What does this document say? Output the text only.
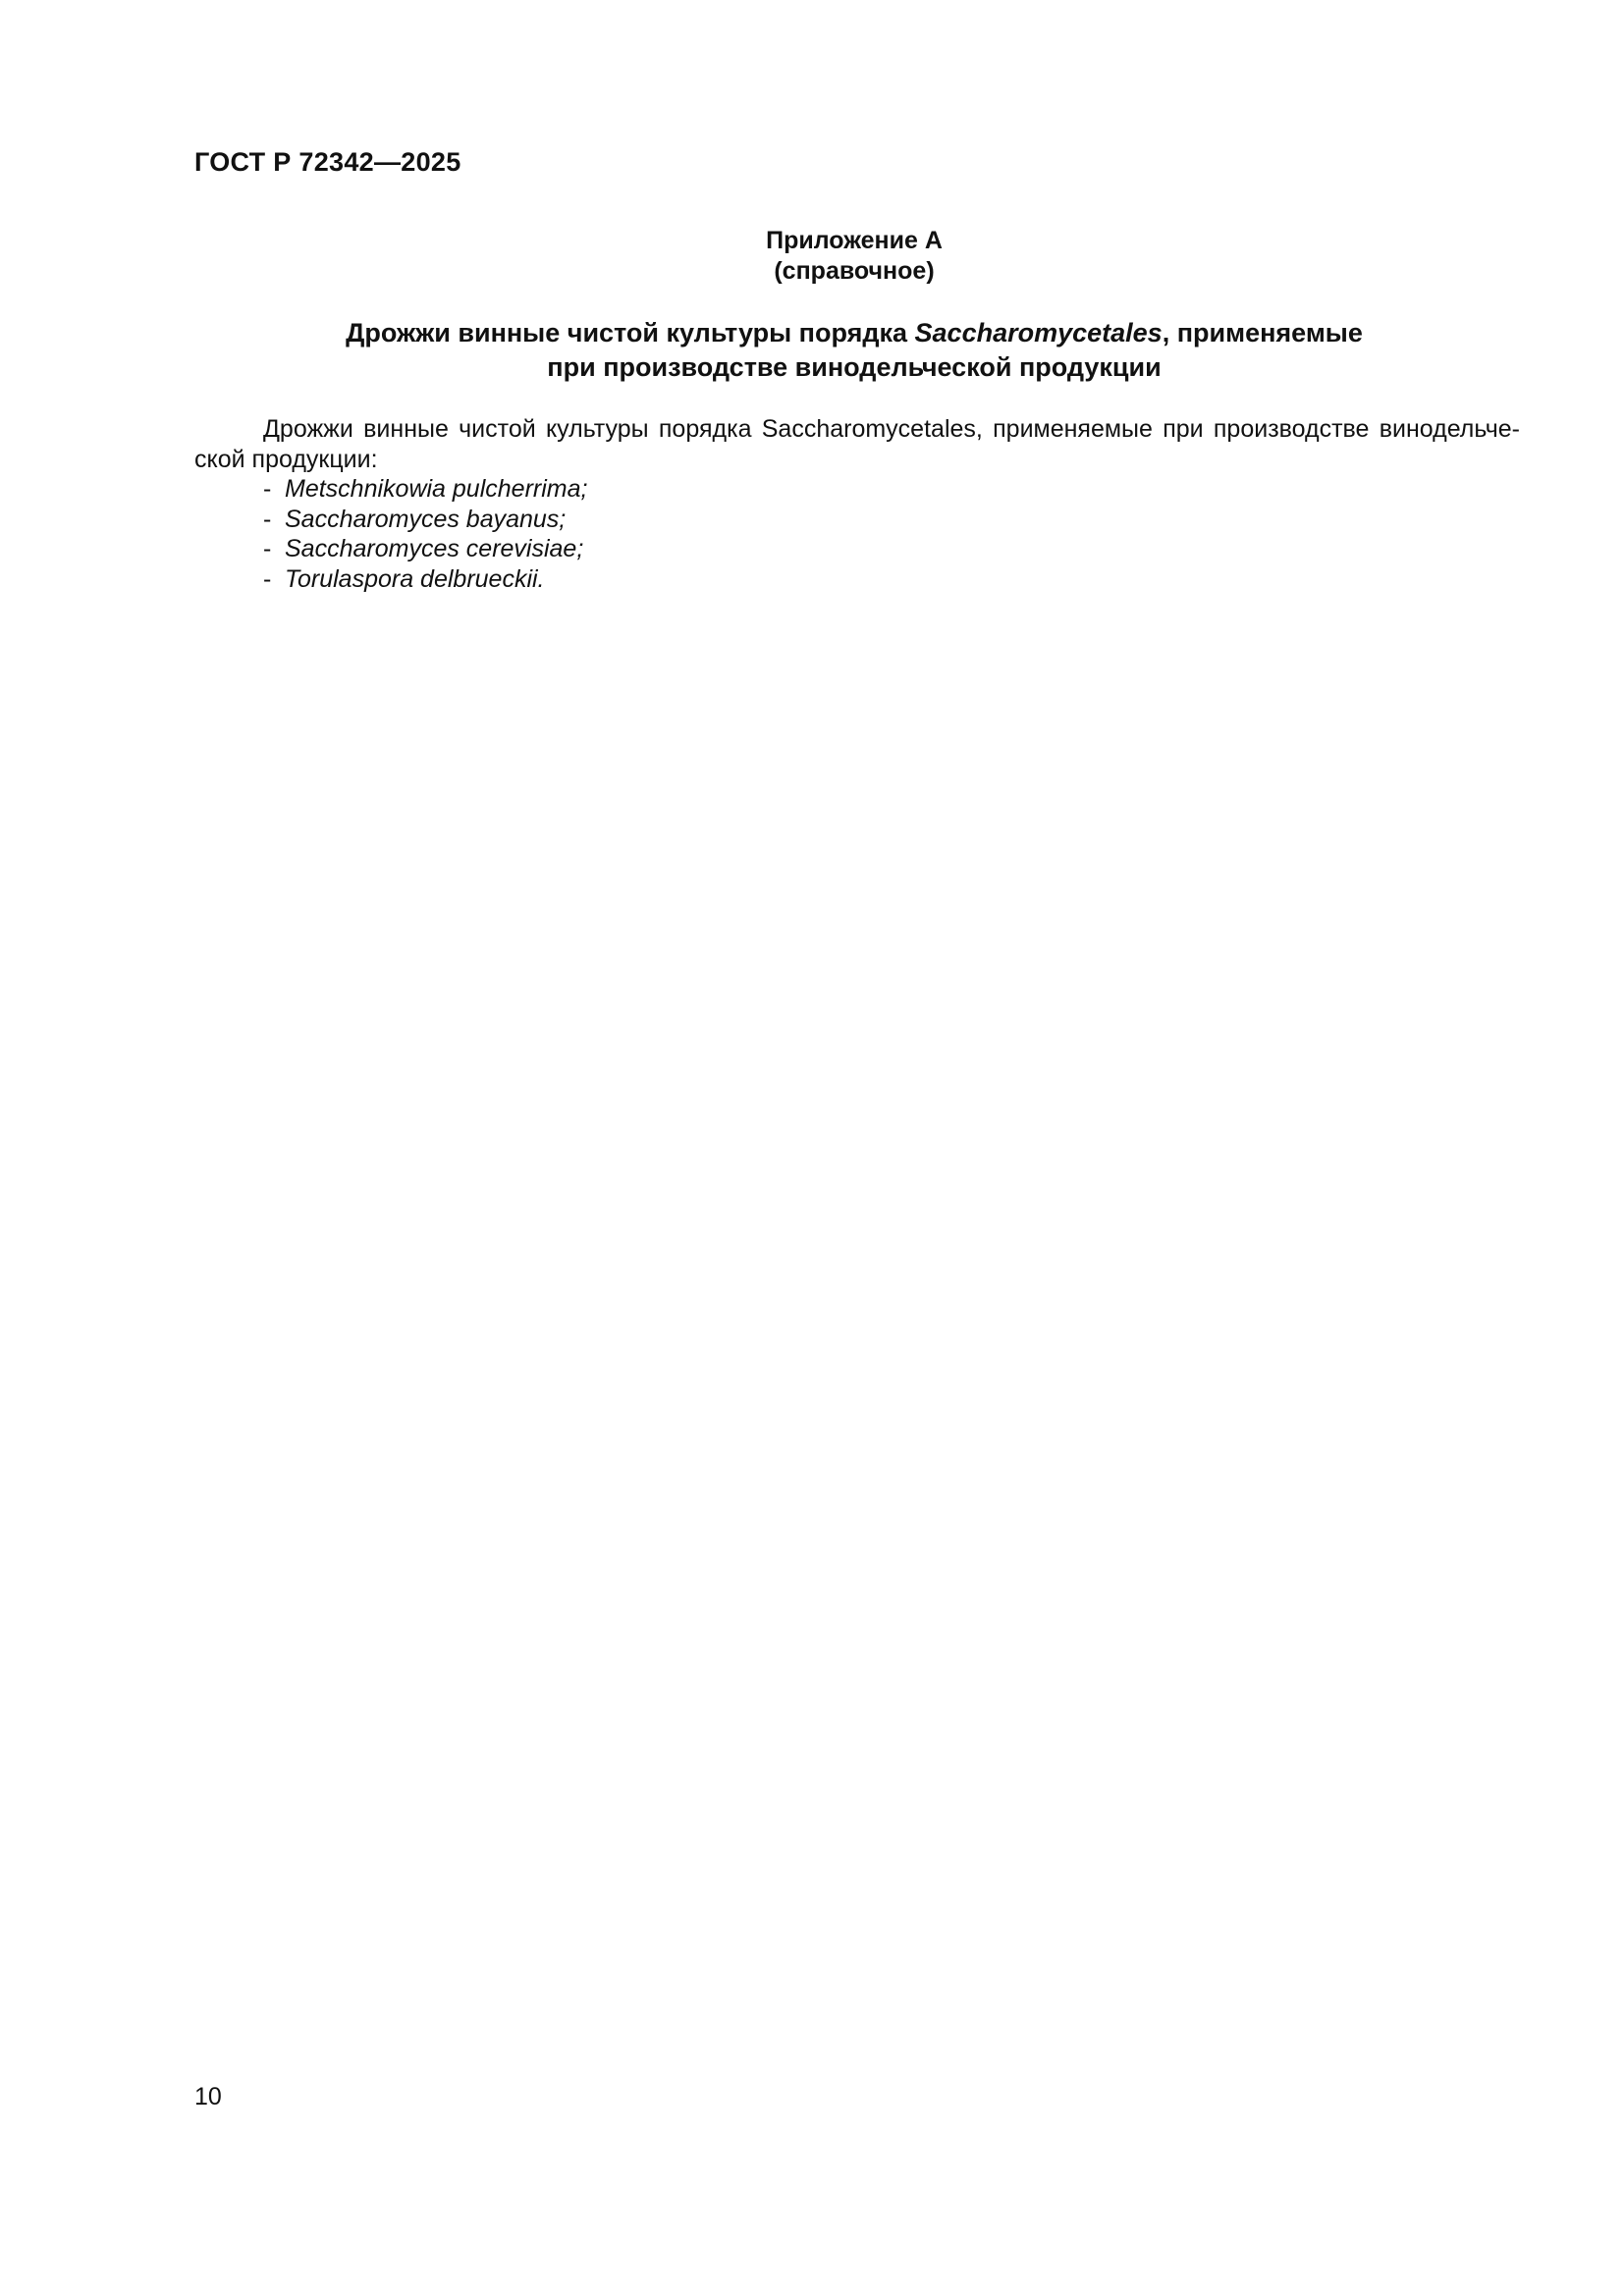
ГОСТ Р 72342—2025
Приложение А
(справочное)
Дрожжи винные чистой культуры порядка Saccharomycetales, применяемые
при производстве винодельческой продукции

Дрожжи винные чистой культуры порядка Saccharomycetales, применяемые при производстве винодельче-
ской продукции:

- Metschnikowia pulcherrima;
- Saccharomyces bayanus;
- Saccharomyces cerevisiae;
- Torulaspora delbrueckii.
10
